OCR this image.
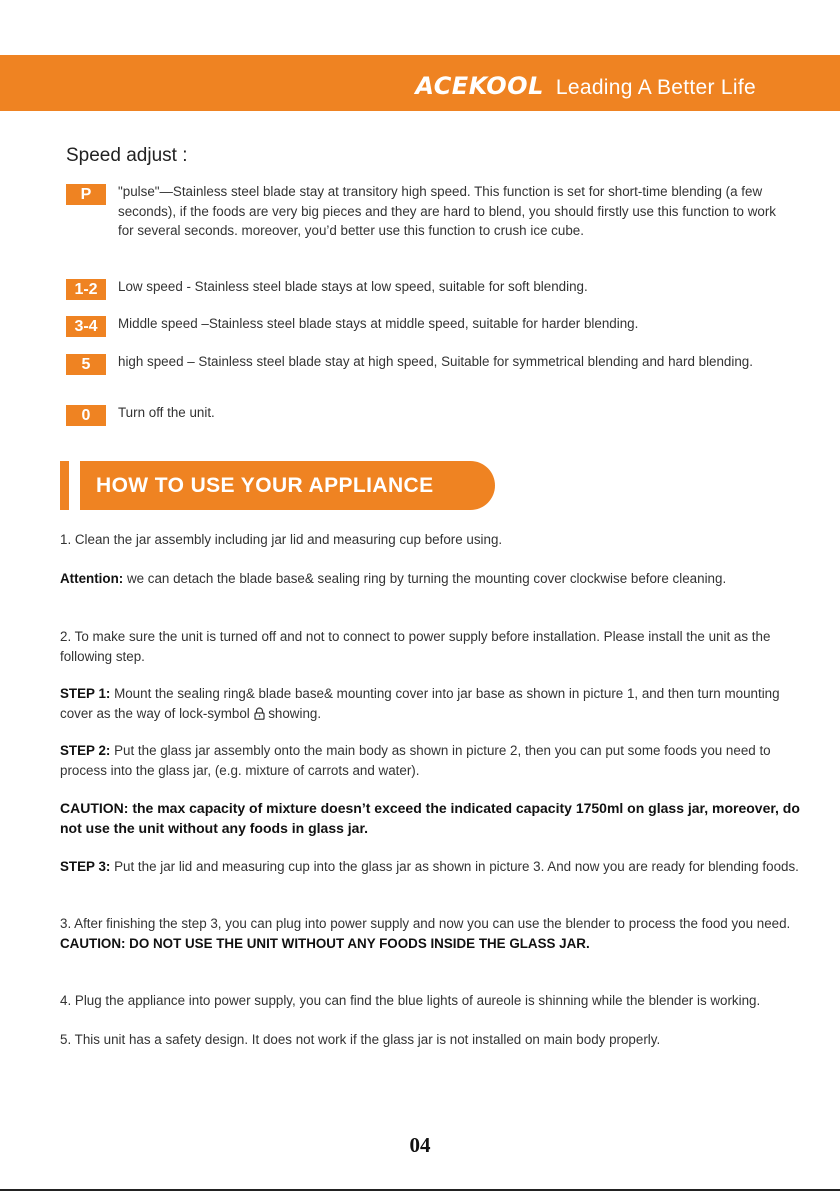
ACEKOOL Leading A Better Life
Speed adjust :
P	"pulse"—Stainless steel blade stay at transitory high speed. This function is set for short-time blending (a few seconds), if the foods are very big pieces and they are hard to blend, you should firstly use this function to work for several seconds. moreover, you’d better use this function to crush ice cube.
1-2	Low speed - Stainless steel blade stays at low speed, suitable for soft blending.
3-4	Middle speed –Stainless steel blade stays at middle speed, suitable for harder blending.
5	high speed – Stainless steel blade stay at high speed, Suitable for symmetrical blending and hard blending.
0	Turn off the unit.
HOW TO USE YOUR APPLIANCE
1. Clean the jar assembly including jar lid and measuring cup before using.
Attention: we can detach the blade base& sealing ring by turning the mounting cover clockwise before cleaning.
2. To make sure the unit is turned off and not to connect to power supply before installation. Please install the unit as the following step.
STEP 1: Mount the sealing ring& blade base& mounting cover into jar base as shown in picture 1, and then turn mounting cover as the way of lock-symbol  showing.
STEP 2: Put the glass jar assembly onto the main body as shown in picture 2, then you can put some foods you need to process into the glass jar, (e.g. mixture of carrots and water).
CAUTION: the max capacity of mixture doesn’t exceed the indicated capacity 1750ml on glass jar, moreover, do not use the unit without any foods in glass jar.
STEP 3: Put the jar lid and measuring cup into the glass jar as shown in picture 3. And now you are ready for blending foods.
3. After finishing the step 3, you can plug into power supply and now you can use the blender to process the food you need. CAUTION: DO NOT USE THE UNIT WITHOUT ANY FOODS INSIDE THE GLASS JAR.
4. Plug the appliance into power supply, you can find the blue lights of aureole is shinning while the blender is working.
5. This unit has a safety design. It does not work if the glass jar is not installed on main body properly.
04
